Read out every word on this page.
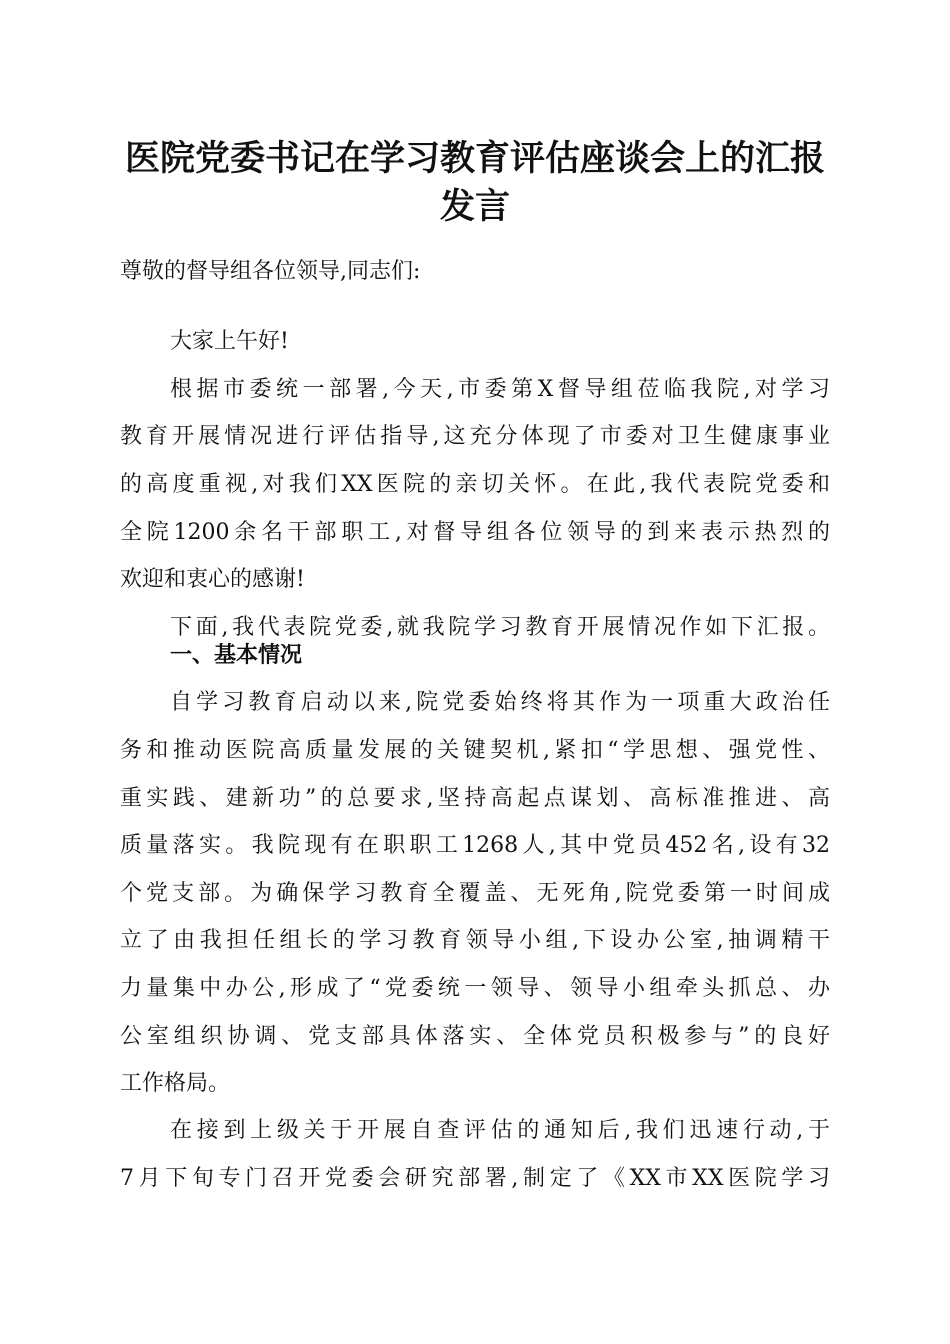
医院党委书记在学习教育评估座谈会上的汇报
发言
尊敬的督导组各位领导,同志们:
大家上午好!
根据市委统一部署,今天,市委第X督导组莅临我院,对学习
教育开展情况进行评估指导,这充分体现了市委对卫生健康事业
的高度重视,对我们XX医院的亲切关怀。在此,我代表院党委和
全院1200余名干部职工,对督导组各位领导的到来表示热烈的
欢迎和衷心的感谢!
下面,我代表院党委,就我院学习教育开展情况作如下汇报。
一、基本情况
自学习教育启动以来,院党委始终将其作为一项重大政治任
务和推动医院高质量发展的关键契机,紧扣“学思想、强党性、
重实践、建新功”的总要求,坚持高起点谋划、高标准推进、高
质量落实。我院现有在职职工1268人,其中党员452名,设有32
个党支部。为确保学习教育全覆盖、无死角,院党委第一时间成
立了由我担任组长的学习教育领导小组,下设办公室,抽调精干
力量集中办公,形成了“党委统一领导、领导小组牵头抓总、办
公室组织协调、党支部具体落实、全体党员积极参与”的良好
工作格局。
在接到上级关于开展自查评估的通知后,我们迅速行动,于
7月下旬专门召开党委会研究部署,制定了《XX市XX医院学习
